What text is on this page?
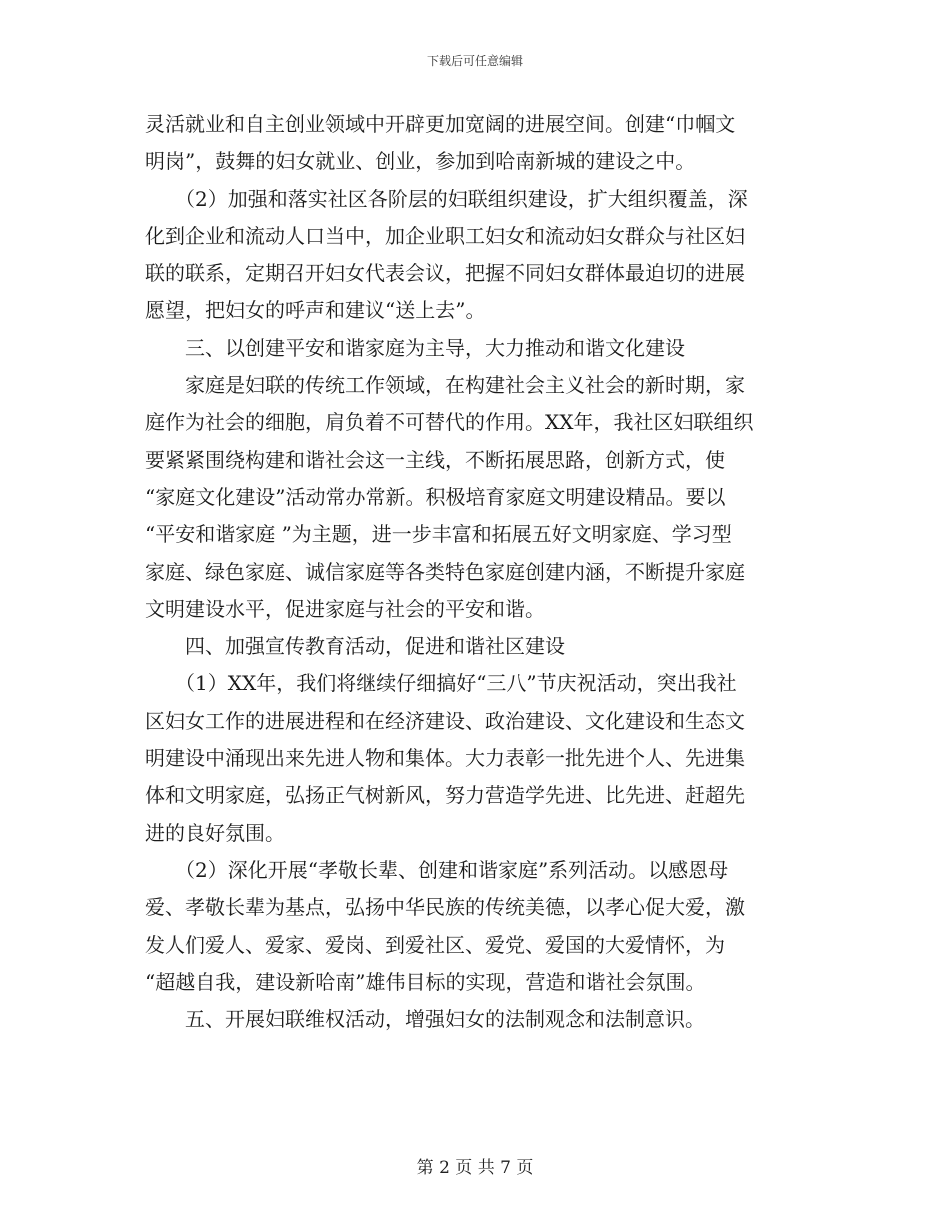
下载后可任意编辑
灵活就业和自主创业领域中开辟更加宽阔的进展空间。创建“巾帼文
明岗”，鼓舞的妇女就业、创业，参加到哈南新城的建设之中。
　　（2）加强和落实社区各阶层的妇联组织建设，扩大组织覆盖，深
化到企业和流动人口当中，加企业职工妇女和流动妇女群众与社区妇
联的联系，定期召开妇女代表会议，把握不同妇女群体最迫切的进展
愿望，把妇女的呼声和建议“送上去”。
　　三、以创建平安和谐家庭为主导，大力推动和谐文化建设
　　家庭是妇联的传统工作领域，在构建社会主义社会的新时期，家
庭作为社会的细胞，肩负着不可替代的作用。XX年，我社区妇联组织
要紧紧围绕构建和谐社会这一主线，不断拓展思路，创新方式，使
“家庭文化建设”活动常办常新。积极培育家庭文明建设精品。要以
“平安和谐家庭 ”为主题，进一步丰富和拓展五好文明家庭、学习型
家庭、绿色家庭、诚信家庭等各类特色家庭创建内涵，不断提升家庭
文明建设水平，促进家庭与社会的平安和谐。
　　四、加强宣传教育活动，促进和谐社区建设
　　（1）XX年，我们将继续仔细搞好“三八”节庆祝活动，突出我社
区妇女工作的进展进程和在经济建设、政治建设、文化建设和生态文
明建设中涌现出来先进人物和集体。大力表彰一批先进个人、先进集
体和文明家庭，弘扬正气树新风，努力营造学先进、比先进、赶超先
进的良好氛围。
　　（2）深化开展“孝敬长辈、创建和谐家庭”系列活动。以感恩母
爱、孝敬长辈为基点，弘扬中华民族的传统美德，以孝心促大爱，激
发人们爱人、爱家、爱岗、到爱社区、爱党、爱国的大爱情怀，为
“超越自我，建设新哈南”雄伟目标的实现，营造和谐社会氛围。
　　五、开展妇联维权活动，增强妇女的法制观念和法制意识。
第 2 页 共 7 页
